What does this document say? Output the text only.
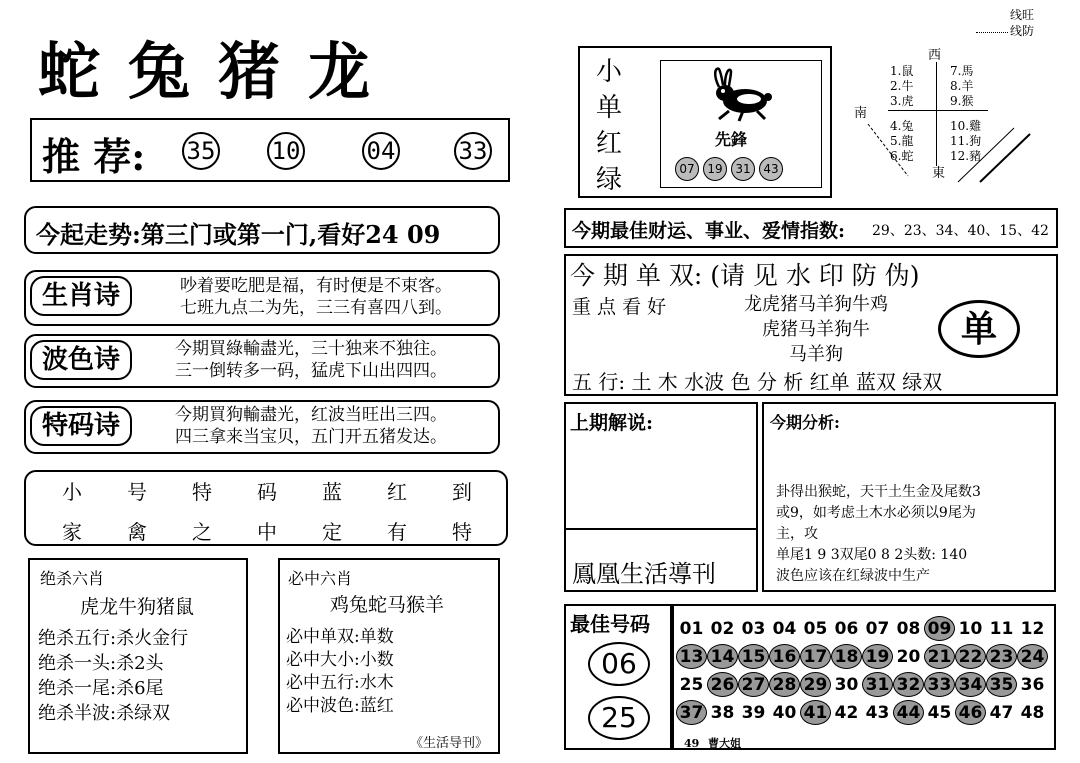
蛇兔猪龙
推 荐: 35 10	04	33
今起走势:第三门或第一门,看好24 09
生肖诗	吵着要吃肥是福，有时便是不束客。
七班九点二为先，三三有喜四八到。
波色诗	今期買綠輸盡光，三十独来不独往。
三一倒转多一码，猛虎下山出四四。
特码诗	今期買狗輸盡光，红波当旺出三四。
四三拿来当宝贝，五门开五猪发达。
小 号 特 码 蓝 红 到
家 禽 之 中 定 有 特
绝杀六肖
虎龙牛狗猪鼠
绝杀五行:杀火金行
绝杀一头:杀2头
绝杀一尾:杀6尾
绝杀半波:杀绿双
必中六肖
鸡兔蛇马猴羊
必中单双:单数
必中大小:小数
必中五行:水木
必中波色:蓝红
《生活导刊》
小
单
红
绿
先鋒
07 19 31 43
线旺
线防
西
南
東
1.鼠
2.牛
3.虎
4.兔
5.龍
6.蛇
7.馬
8.羊
9.猴
10.雞
11.狗
12.豬
今期最佳财运、事业、爱情指数: 29、23、34、40、15、42
今 期 单 双: (请 见 水 印 防 伪)
重 点 看 好	龙虎猪马羊狗牛鸡
虎猪马羊狗牛
马羊狗
单
五 行: 土 木 水波 色 分 析 红单 蓝双 绿双
上期解说:
鳳凰生活導刊
今期分析:
卦得出猴蛇，天干土生金及尾数3
或9，如考虑土木水必须以9尾为
主，攻
单尾1 9 3双尾0 8 2头数: 140
波色应该在红绿波中生产
最佳号码
06
25
01 02 03 04 05 06 07 08 09 10 11 12
13 14 15 16 17 18 19 20 21 22 23 24
25 26 27 28 29 30 31 32 33 34 35 36
37 38 39 40 41 42 43 44 45 46 47 48
49 曹大姐
